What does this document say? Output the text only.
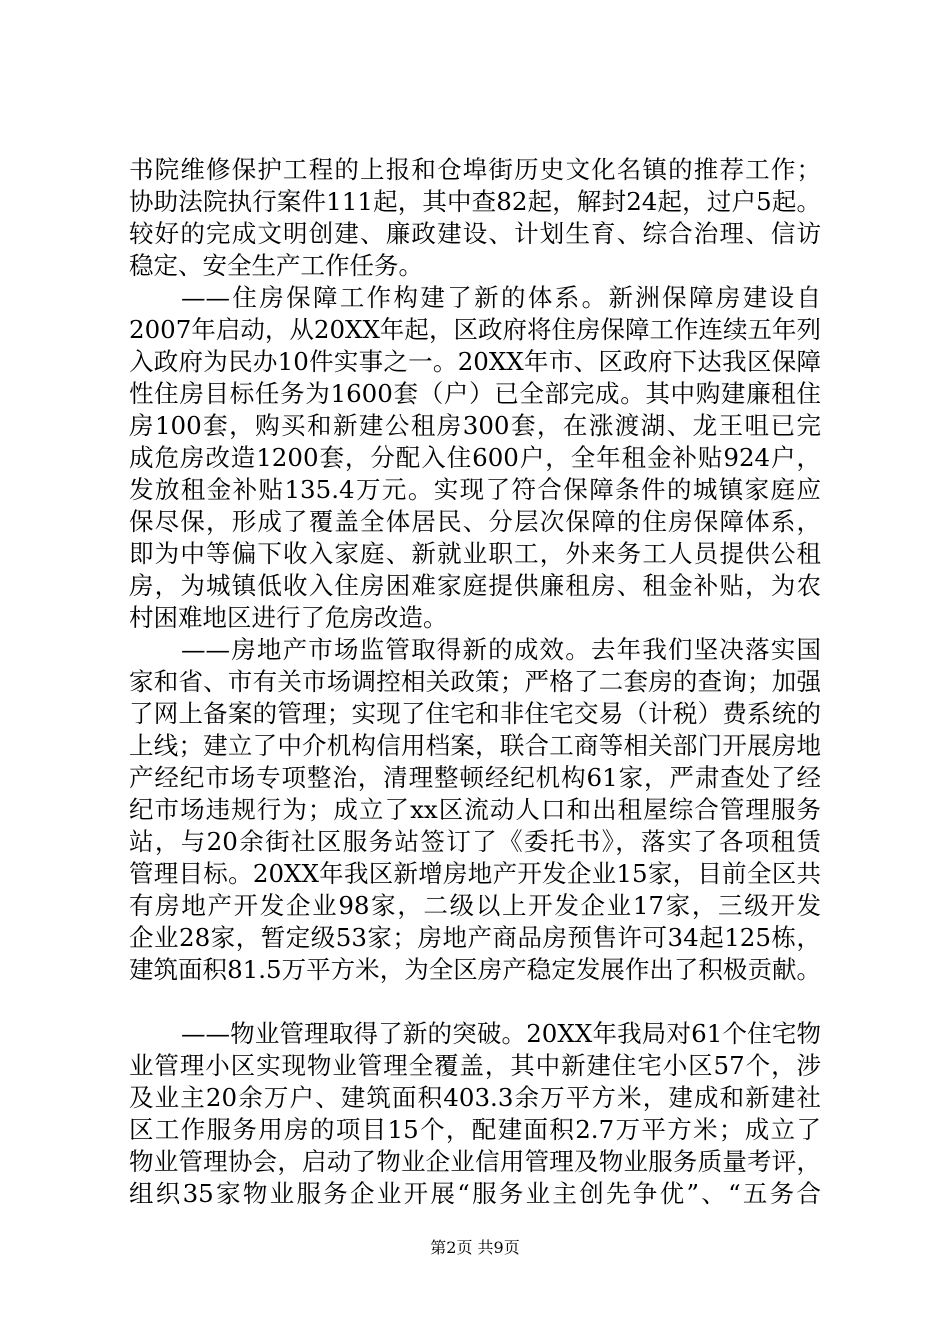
书院维修保护工程的上报和仓埠街历史文化名镇的推荐工作；
协助法院执行案件111起，其中查82起，解封24起，过户5起。
较好的完成文明创建、廉政建设、计划生育、综合治理、信访
稳定、安全生产工作任务。
——住房保障工作构建了新的体系。新洲保障房建设自
2007年启动，从20XX年起，区政府将住房保障工作连续五年列
入政府为民办10件实事之一。20XX年市、区政府下达我区保障
性住房目标任务为1600套（户）已全部完成。其中购建廉租住
房100套，购买和新建公租房300套，在涨渡湖、龙王咀已完
成危房改造1200套，分配入住600户，全年租金补贴924户，
发放租金补贴135.4万元。实现了符合保障条件的城镇家庭应
保尽保，形成了覆盖全体居民、分层次保障的住房保障体系，
即为中等偏下收入家庭、新就业职工，外来务工人员提供公租
房，为城镇低收入住房困难家庭提供廉租房、租金补贴，为农
村困难地区进行了危房改造。
——房地产市场监管取得新的成效。去年我们坚决落实国
家和省、市有关市场调控相关政策；严格了二套房的查询；加强
了网上备案的管理；实现了住宅和非住宅交易（计税）费系统的
上线；建立了中介机构信用档案，联合工商等相关部门开展房地
产经纪市场专项整治，清理整顿经纪机构61家，严肃查处了经
纪市场违规行为；成立了xx区流动人口和出租屋综合管理服务
站，与20余街社区服务站签订了《委托书》，落实了各项租赁
管理目标。20XX年我区新增房地产开发企业15家，目前全区共
有房地产开发企业98家，二级以上开发企业17家，三级开发
企业28家，暂定级53家；房地产商品房预售许可34起125栋，
建筑面积81.5万平方米，为全区房产稳定发展作出了积极贡献。
——物业管理取得了新的突破。20XX年我局对61个住宅物
业管理小区实现物业管理全覆盖，其中新建住宅小区57个，涉
及业主20余万户、建筑面积403.3余万平方米，建成和新建社
区工作服务用房的项目15个，配建面积2.7万平方米；成立了
物业管理协会，启动了物业企业信用管理及物业服务质量考评，
组织35家物业服务企业开展“服务业主创先争优”、“五务合
第2页 共9页
